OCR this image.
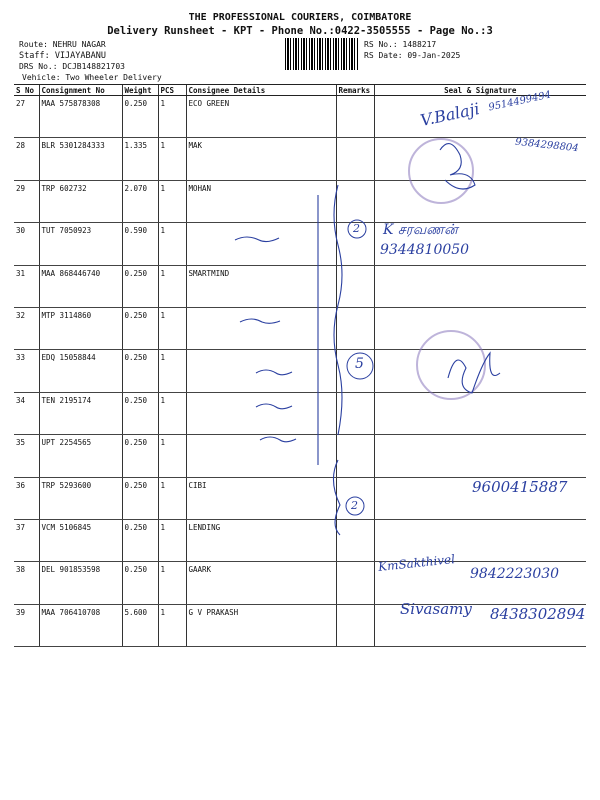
THE PROFESSIONAL COURIERS, COIMBATORE
Delivery Runsheet - KPT - Phone No.:0422-3505555 - Page No.:3
Route: NEHRU NAGAR
Staff: VIJAYABANU
DRS No.: DCJB148821703
Vehicle: Two Wheeler Delivery
RS No.: 1488217
RS Date: 09-Jan-2025
S No	Consignment No	Weight	PCS	Consignee Details	Remarks	Seal & Signature
27	MAA 575878308	0.250	1	ECO GREEN		
28	BLR 5301284333	1.335	1	MAK		
29	TRP 602732	2.070	1	MOHAN		
30	TUT 7050923	0.590	1			
31	MAA 868446740	0.250	1	SMARTMIND		
32	MTP 3114860	0.250	1			
33	EDQ 15058844	0.250	1			
34	TEN 2195174	0.250	1			
35	UPT 2254565	0.250	1			
36	TRP 5293600	0.250	1	CIBI		
37	VCM 5106845	0.250	1	LENDING		
38	DEL 901853598	0.250	1	GAARK		
39	MAA 706410708	5.600	1	G V PRAKASH		
2
5
2
V.Balaji 9514499494
9384298804
K சரவணன்
9344810050
9600415887
KmSakthivel
9842223030
Sivasamy 8438302894
